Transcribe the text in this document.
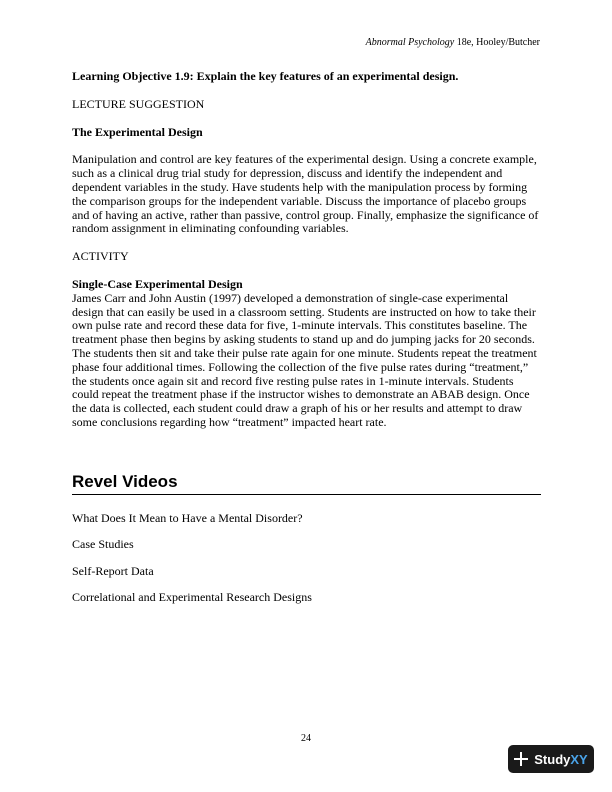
Abnormal Psychology 18e, Hooley/Butcher

Learning Objective 1.9: Explain the key features of an experimental design.

LECTURE SUGGESTION

The Experimental Design

Manipulation and control are key features of the experimental design. Using a concrete example, such as a clinical drug trial study for depression, discuss and identify the independent and dependent variables in the study. Have students help with the manipulation process by forming the comparison groups for the independent variable. Discuss the importance of placebo groups and of having an active, rather than passive, control group. Finally, emphasize the significance of random assignment in eliminating confounding variables.

ACTIVITY

Single-Case Experimental Design

James Carr and John Austin (1997) developed a demonstration of single-case experimental design that can easily be used in a classroom setting. Students are instructed on how to take their own pulse rate and record these data for five, 1-minute intervals. This constitutes baseline. The treatment phase then begins by asking students to stand up and do jumping jacks for 20 seconds. The students then sit and take their pulse rate again for one minute. Students repeat the treatment phase four additional times. Following the collection of the five pulse rates during “treatment,” the students once again sit and record five resting pulse rates in 1-minute intervals. Students could repeat the treatment phase if the instructor wishes to demonstrate an ABAB design. Once the data is collected, each student could draw a graph of his or her results and attempt to draw some conclusions regarding how “treatment” impacted heart rate.

Revel Videos

What Does It Mean to Have a Mental Disorder?

Case Studies

Self-Report Data

Correlational and Experimental Research Designs

24
StudyXY
